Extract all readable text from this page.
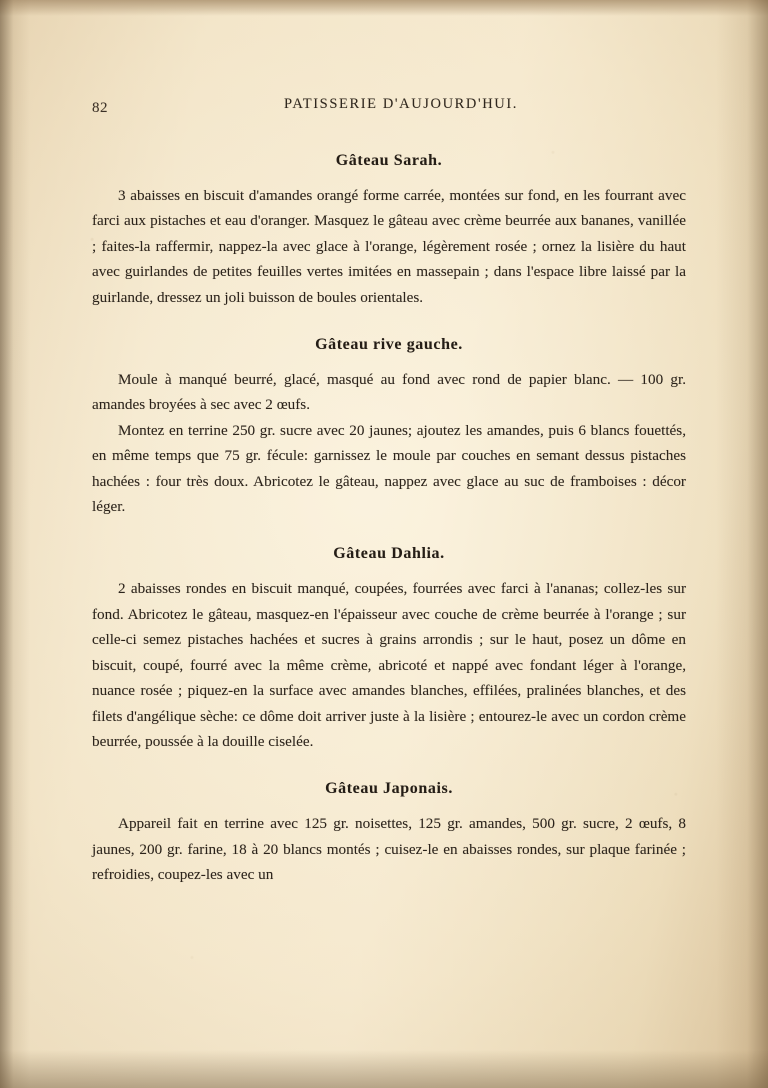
82	PATISSERIE D'AUJOURD'HUI.
Gâteau Sarah.

3 abaisses en biscuit d'amandes orangé forme carrée, montées sur fond, en les fourrant avec farci aux pistaches et eau d'oranger. Masquez le gâteau avec crème beurrée aux bananes, vanillée ; faites-la raffermir, nappez-la avec glace à l'orange, légèrement rosée ; ornez la lisière du haut avec guirlandes de petites feuilles vertes imitées en massepain ; dans l'espace libre laissé par la guirlande, dressez un joli buisson de boules orientales.

Gâteau rive gauche.

Moule à manqué beurré, glacé, masqué au fond avec rond de papier blanc. — 100 gr. amandes broyées à sec avec 2 œufs.

Montez en terrine 250 gr. sucre avec 20 jaunes; ajoutez les amandes, puis 6 blancs fouettés, en même temps que 75 gr. fécule: garnissez le moule par couches en semant dessus pistaches hachées : four très doux. Abricotez le gâteau, nappez avec glace au suc de framboises : décor léger.

Gâteau Dahlia.

2 abaisses rondes en biscuit manqué, coupées, fourrées avec farci à l'ananas; collez-les sur fond. Abricotez le gâteau, masquez-en l'épaisseur avec couche de crème beurrée à l'orange ; sur celle-ci semez pistaches hachées et sucres à grains arrondis ; sur le haut, posez un dôme en biscuit, coupé, fourré avec la même crème, abricoté et nappé avec fondant léger à l'orange, nuance rosée ; piquez-en la surface avec amandes blanches, effilées, pralinées blanches, et des filets d'angélique sèche: ce dôme doit arriver juste à la lisière ; entourez-le avec un cordon crème beurrée, poussée à la douille ciselée.

Gâteau Japonais.

Appareil fait en terrine avec 125 gr. noisettes, 125 gr. amandes, 500 gr. sucre, 2 œufs, 8 jaunes, 200 gr. farine, 18 à 20 blancs montés ; cuisez-le en abaisses rondes, sur plaque farinée ; refroidies, coupez-les avec un
